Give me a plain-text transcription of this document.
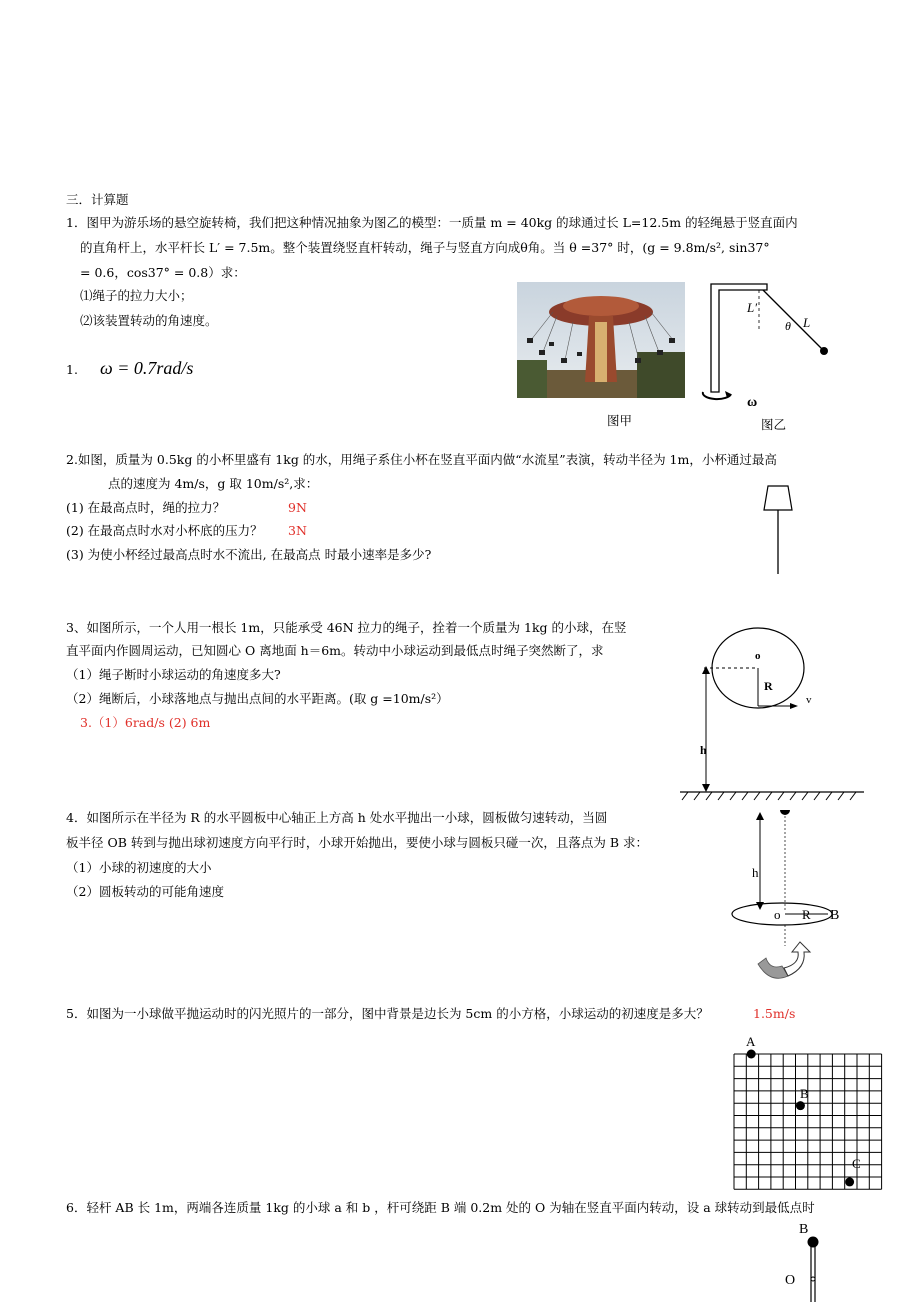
三．计算题
1．图甲为游乐场的悬空旋转椅，我们把这种情况抽象为图乙的模型：一质量 m = 40kg 的球通过长 L=12.5m 的轻绳悬于竖直面内
的直角杆上，水平杆长 L′ = 7.5m。整个装置绕竖直杆转动，绳子与竖直方向成θ角。当 θ =37° 时，(g = 9.8m/s², sin37°
= 0.6，cos37° = 0.8）求：
⑴绳子的拉力大小；
⑵该装置转动的角速度。
1. ω = 0.7rad/s
图甲
L′
θ L
ω
图乙
2.如图，质量为 0.5kg 的小杯里盛有 1kg 的水，用绳子系住小杯在竖直平面内做“水流星”表演，转动半径为 1m，小杯通过最高
点的速度为 4m/s，g 取 10m/s²,求：
(1) 在最高点时，绳的拉力？	9N
(2) 在最高点时水对小杯底的压力？ 3N
(3) 为使小杯经过最高点时水不流出, 在最高点 时最小速率是多少?
3、如图所示，一个人用一根长 1m，只能承受 46N 拉力的绳子，拴着一个质量为 1kg 的小球，在竖
直平面内作圆周运动，已知圆心 O 离地面 h＝6m。转动中小球运动到最低点时绳子突然断了，求
（1）绳子断时小球运动的角速度多大?
（2）绳断后，小球落地点与抛出点间的水平距离。(取 g =10m/s²）
3.（1）6rad/s (2) 6m
o
R
v
h
4．如图所示在半径为 R 的水平圆板中心轴正上方高 h 处水平抛出一小球，圆板做匀速转动，当圆
板半径 OB 转到与抛出球初速度方向平行时，小球开始抛出，要使小球与圆板只碰一次，且落点为 B 求：
（1）小球的初速度的大小
（2）圆板转动的可能角速度
h
o R B
5．如图为一小球做平抛运动时的闪光照片的一部分，图中背景是边长为 5cm 的小方格，小球运动的初速度是多大？	1.5m/s
A
B
C
6．轻杆 AB 长 1m，两端各连质量 1kg 的小球 a 和 b ，杆可绕距 B 端 0.2m 处的 O 为轴在竖直平面内转动，设 a 球转动到最低点时
B
O
